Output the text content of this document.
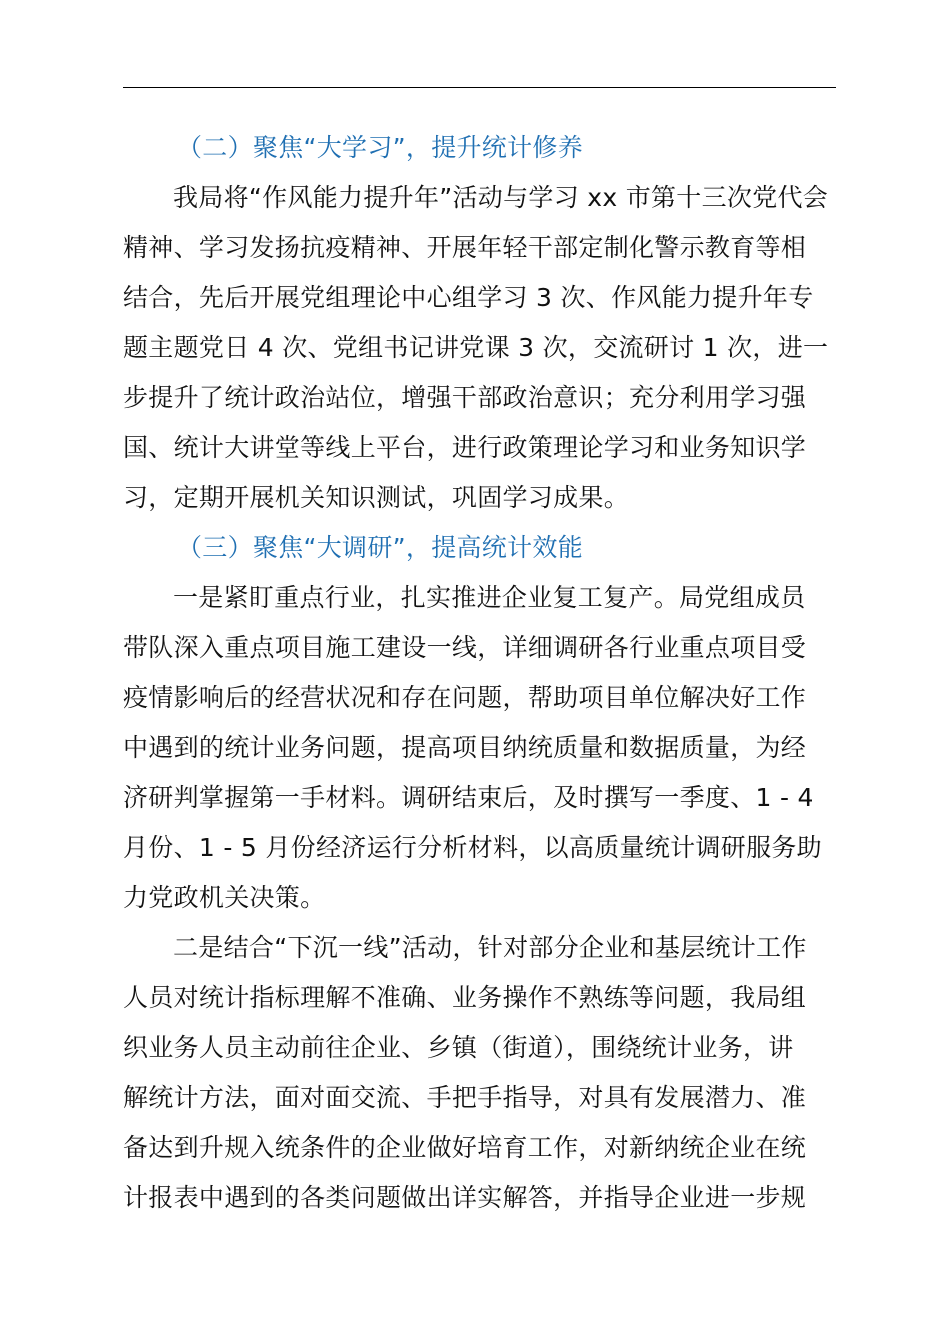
（二）聚焦“大学习”，提升统计修养
我局将“作风能力提升年”活动与学习 xx 市第十三次党代会
精神、学习发扬抗疫精神、开展年轻干部定制化警示教育等相
结合，先后开展党组理论中心组学习 3 次、作风能力提升年专
题主题党日 4 次、党组书记讲党课 3 次，交流研讨 1 次，进一
步提升了统计政治站位，增强干部政治意识；充分利用学习强
国、统计大讲堂等线上平台，进行政策理论学习和业务知识学
习，定期开展机关知识测试，巩固学习成果。
（三）聚焦“大调研”，提高统计效能
一是紧盯重点行业，扎实推进企业复工复产。局党组成员
带队深入重点项目施工建设一线，详细调研各行业重点项目受
疫情影响后的经营状况和存在问题，帮助项目单位解决好工作
中遇到的统计业务问题，提高项目纳统质量和数据质量，为经
济研判掌握第一手材料。调研结束后，及时撰写一季度、1 - 4
月份、1 - 5 月份经济运行分析材料，以高质量统计调研服务助
力党政机关决策。
二是结合“下沉一线”活动，针对部分企业和基层统计工作
人员对统计指标理解不准确、业务操作不熟练等问题，我局组
织业务人员主动前往企业、乡镇（街道），围绕统计业务，讲
解统计方法，面对面交流、手把手指导，对具有发展潜力、准
备达到升规入统条件的企业做好培育工作，对新纳统企业在统
计报表中遇到的各类问题做出详实解答，并指导企业进一步规
